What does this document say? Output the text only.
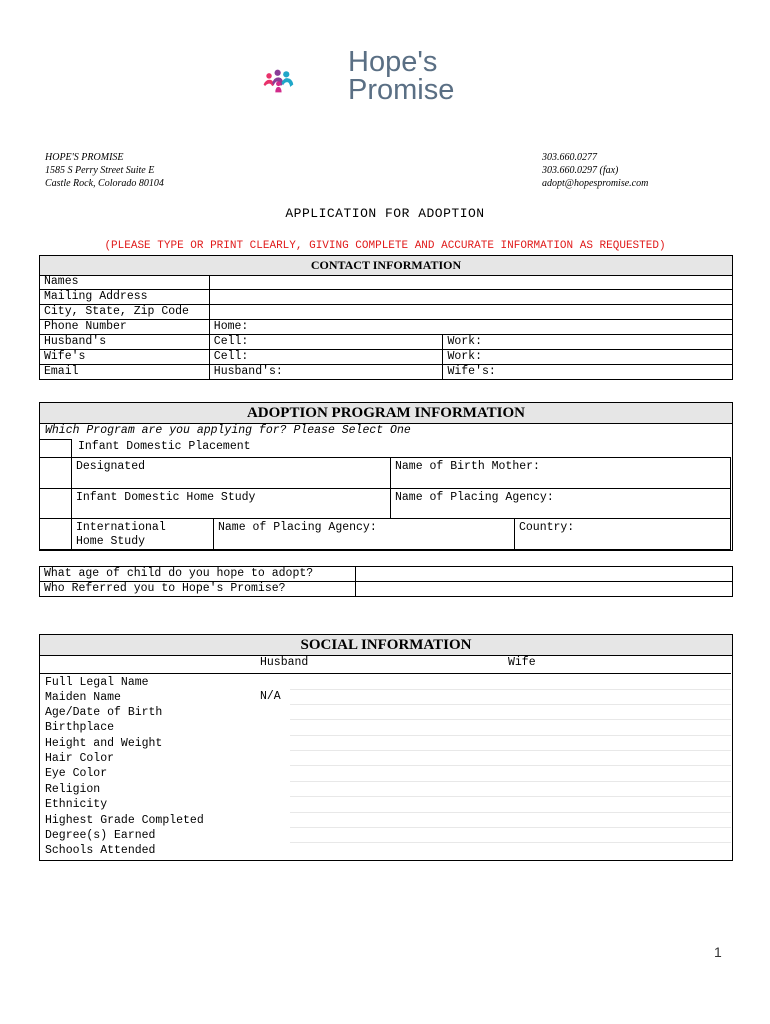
Hope's
Promise
HOPE'S PROMISE
1585 S Perry Street Suite E
Castle Rock, Colorado 80104
303.660.0277
303.660.0297 (fax)
adopt@hopespromise.com
APPLICATION FOR ADOPTION
(PLEASE TYPE OR PRINT CLEARLY, GIVING COMPLETE AND ACCURATE INFORMATION AS REQUESTED)
CONTACT INFORMATION
Names		
Mailing Address		
City, State, Zip Code		
Phone Number	Home:	
Husband's	Cell:	Work:
Wife's	Cell:	Work:
Email	Husband's:	Wife's:
ADOPTION PROGRAM INFORMATION
Which Program are you applying for? Please Select One
Infant Domestic Placement
Designated	Name of Birth Mother:
Infant Domestic Home Study	Name of Placing Agency:
International
Home Study
Name of Placing Agency:	Country:
What age of child do you hope to adopt?	
Who Referred you to Hope's Promise?	
SOCIAL INFORMATION
Husband	Wife
Full Legal Name
Maiden Name	N/A
Age/Date of Birth
Birthplace
Height and Weight
Hair Color
Eye Color
Religion
Ethnicity
Highest Grade Completed
Degree(s) Earned
Schools Attended
1
